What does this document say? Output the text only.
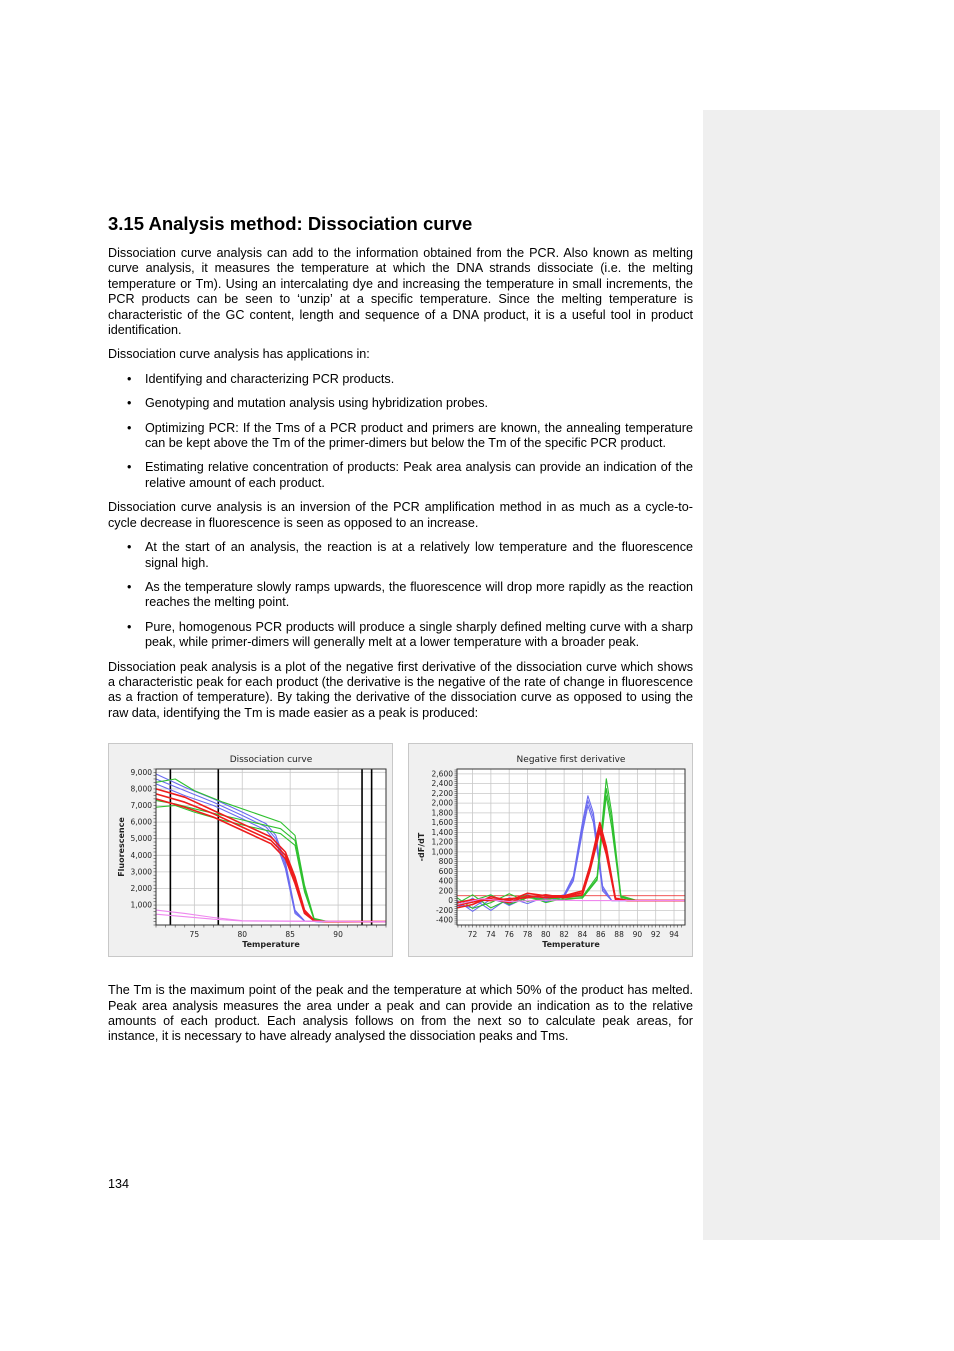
3.15 Analysis method: Dissociation curve

Dissociation curve analysis can add to the information obtained from the PCR. Also known as melting curve analysis, it measures the temperature at which the DNA strands dissociate (i.e. the melting temperature or Tm). Using an intercalating dye and increasing the temperature in small increments, the PCR products can be seen to ‘unzip’ at a specific temperature. Since the melting temperature is characteristic of the GC content, length and sequence of a DNA product, it is a useful tool in product identification.

Dissociation curve analysis has applications in:

• Identifying and characterizing PCR products.
• Genotyping and mutation analysis using hybridization probes.
• Optimizing PCR: If the Tms of a PCR product and primers are known, the annealing temperature can be kept above the Tm of the primer-dimers but below the Tm of the specific PCR product.
• Estimating relative concentration of products: Peak area analysis can provide an indication of the relative amount of each product.

Dissociation curve analysis is an inversion of the PCR amplification method in as much as a cycle-to-cycle decrease in fluorescence is seen as opposed to an increase.

• At the start of an analysis, the reaction is at a relatively low temperature and the fluorescence signal high.
• As the temperature slowly ramps upwards, the fluorescence will drop more rapidly as the reaction reaches the melting point.
• Pure, homogenous PCR products will produce a single sharply defined melting curve with a sharp peak, while primer-dimers will generally melt at a lower temperature with a broader peak.

Dissociation peak analysis is a plot of the negative first derivative of the dissociation curve which shows a characteristic peak for each product (the derivative is the negative of the rate of change in fluorescence as a fraction of temperature). By taking the derivative of the dissociation curve as opposed to using the raw data, identifying the Tm is made easier as a peak is produced:

Dissociation curve
75	80	85	90
1,000
2,000
3,000
4,000
5,000
6,000
7,000
8,000
9,000
Temperature
Fluorescence
Negative first derivative
72 74 76 78 80 82 84 86 88 90 92 94
-400
-200
0
200
400
600
800
1,000
1,200
1,400
1,600
1,800
2,000
2,200
2,400
2,600
Temperature
-dF/dT

The Tm is the maximum point of the peak and the temperature at which 50% of the product has melted. Peak area analysis measures the area under a peak and can provide an indication as to the relative amounts of each product. Each analysis follows on from the next so to calculate peak areas, for instance, it is necessary to have already analysed the dissociation peaks and Tms.

134
